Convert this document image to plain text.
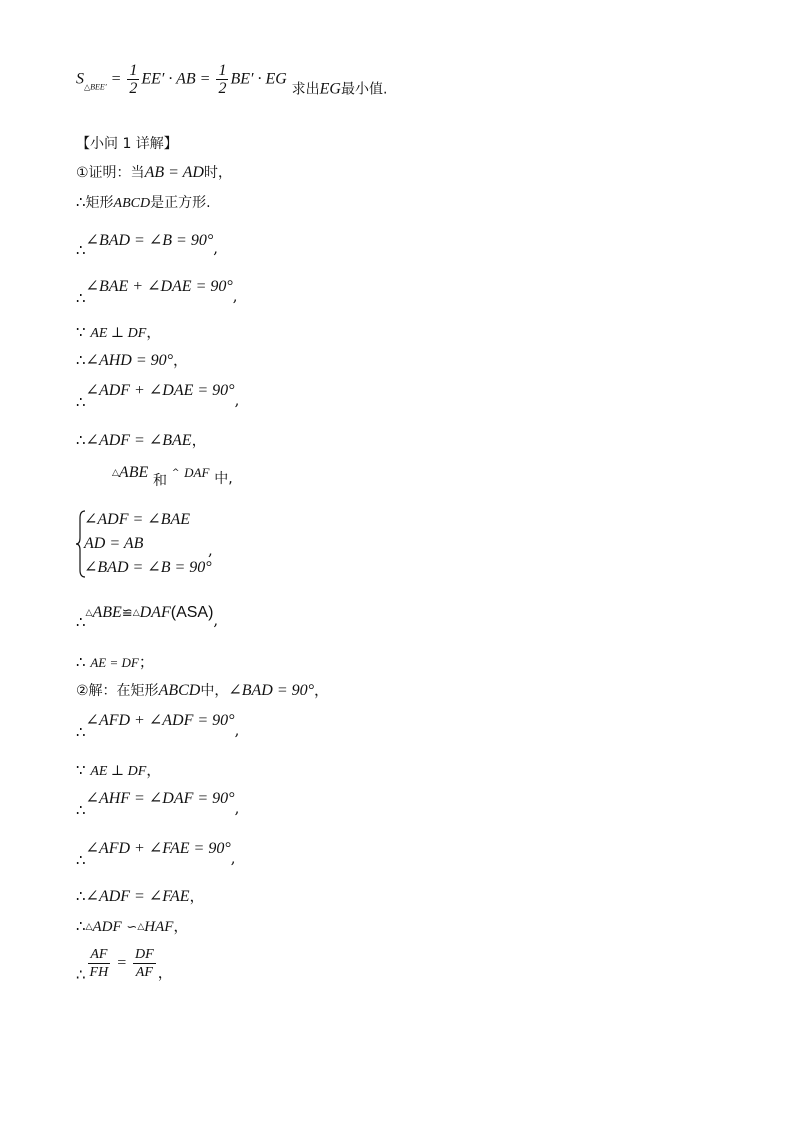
$S_{\triangle BEE'} = \frac{1}{2} EE'$ · AB = $\frac{1}{2} BE'$ · EG 求出EG最小值.
【小问 1 详解】
①证明：当AB = AD时，
∴矩形ABCD是正方形.
∴∠BAD = ∠B = 90°,
∴∠BAE + ∠DAE = 90°,
∵ AE ⊥ DF，
∴∠AHD = 90°，
∴∠ADF + ∠DAE = 90°,
∴∠ADF = ∠BAE，
△ABE 和 ^ DAF 中,
∠ADF = ∠BAE
AD = AB
∠BAD = ∠B = 90°
,
∴△ABE≌△DAF(ASA),
∴ AE = DF；
②解：在矩形ABCD中，∠BAD = 90°，
∴∠AFD + ∠ADF = 90°,
∵ AE ⊥ DF，
∴∠AHF = ∠DAF = 90°,
∴∠AFD + ∠FAE = 90°,
∴∠ADF = ∠FAE，
∴△ADF ∽△HAF，
∴ $\frac{AF}{FH} = \frac{DF}{AF}$ ，
